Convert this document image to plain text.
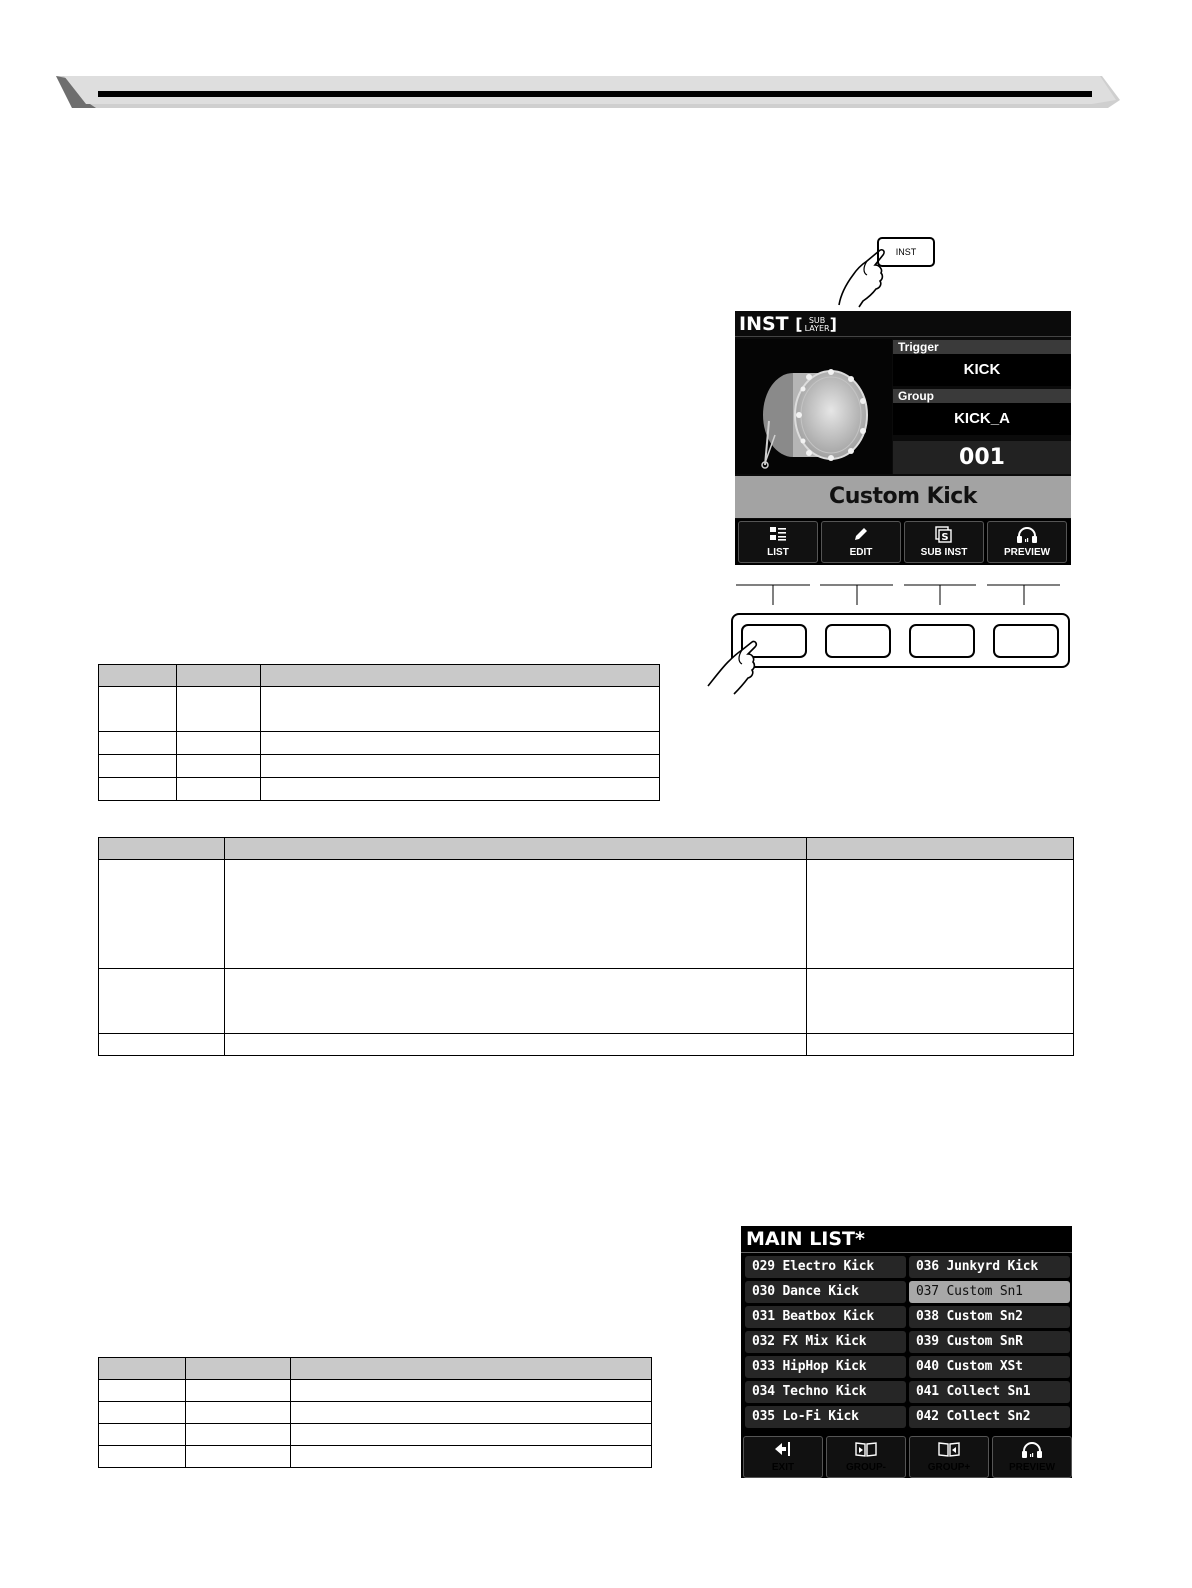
INST
INST [ SUB
LAYER]
Trigger
KICK
Group
KICK_A
001
Custom Kick
LIST	EDIT
S
SUB INST	PREVIEW

MAIN LIST*
029 Electro Kick
030 Dance Kick
031 Beatbox Kick
032 FX Mix Kick
033 HipHop Kick
034 Techno Kick
035 Lo-Fi Kick
036 Junkyrd Kick
037 Custom Sn1
038 Custom Sn2
039 Custom SnR
040 Custom XSt
041 Collect Sn1
042 Collect Sn2
EXIT	GROUP-	GROUP+	PREVIEW
